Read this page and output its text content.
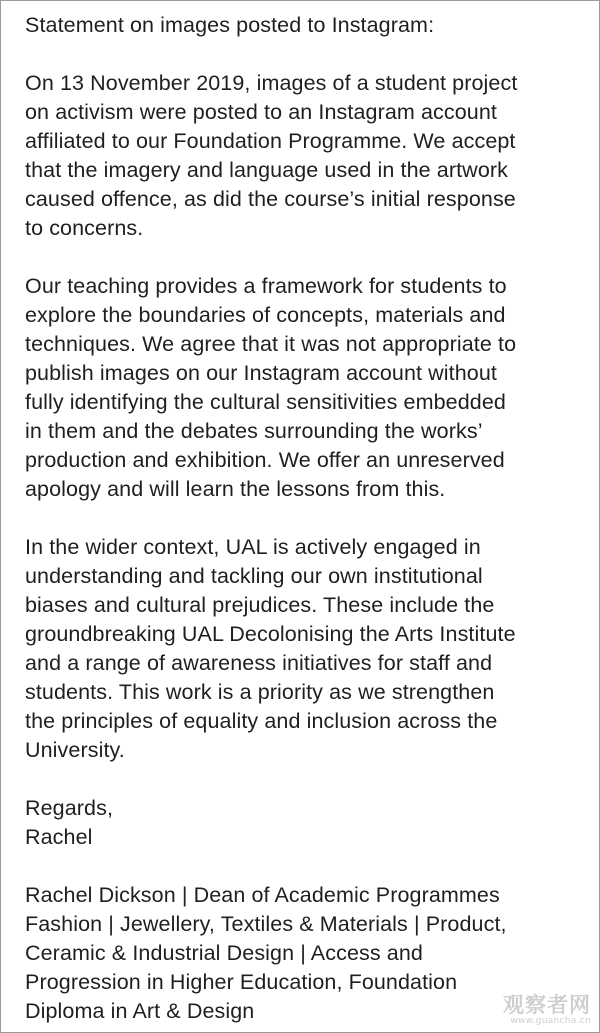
Statement on images posted to Instagram:
On 13 November 2019, images of a student project
on activism were posted to an Instagram account
affiliated to our Foundation Programme. We accept
that the imagery and language used in the artwork
caused offence, as did the course’s initial response
to concerns.
Our teaching provides a framework for students to
explore the boundaries of concepts, materials and
techniques. We agree that it was not appropriate to
publish images on our Instagram account without
fully identifying the cultural sensitivities embedded
in them and the debates surrounding the works’
production and exhibition. We offer an unreserved
apology and will learn the lessons from this.
In the wider context, UAL is actively engaged in
understanding and tackling our own institutional
biases and cultural prejudices. These include the
groundbreaking UAL Decolonising the Arts Institute
and a range of awareness initiatives for staff and
students. This work is a priority as we strengthen
the principles of equality and inclusion across the
University.
Regards,
Rachel
Rachel Dickson | Dean of Academic Programmes
Fashion | Jewellery, Textiles & Materials | Product,
Ceramic & Industrial Design | Access and
Progression in Higher Education, Foundation
Diploma in Art & Design	观察者网
www.guancha.cn
